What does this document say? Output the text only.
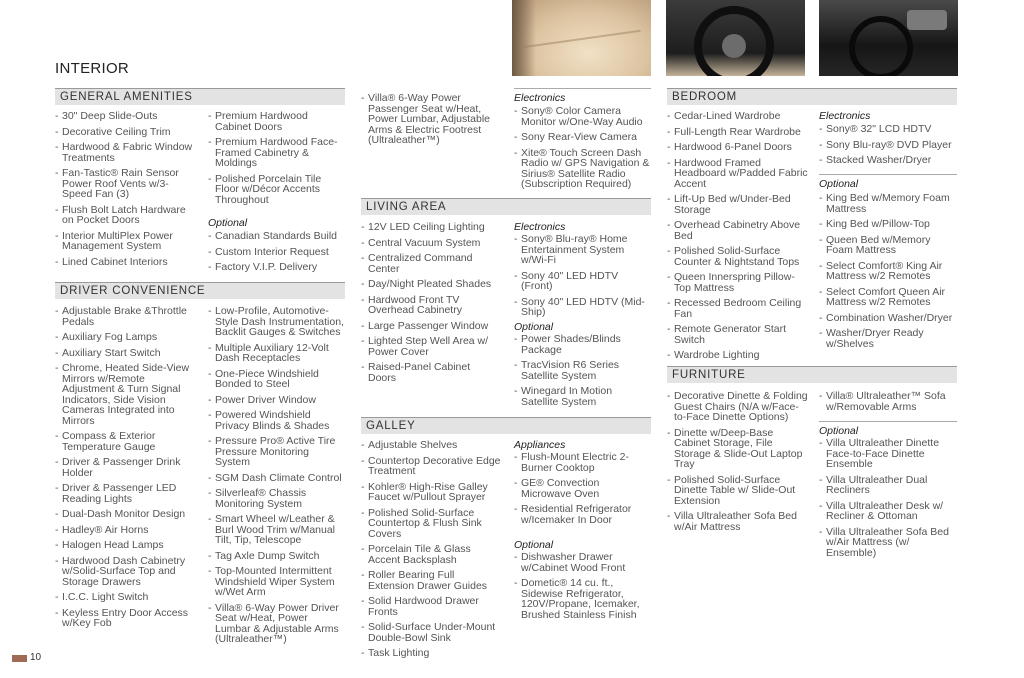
INTERIOR
GENERAL AMENITIES
- 30" Deep Slide-Outs
- Decorative Ceiling Trim
- Hardwood & Fabric Window Treatments
- Fan-Tastic® Rain Sensor Power Roof Vents w/3-Speed Fan (3)
- Flush Bolt Latch Hardware on Pocket Doors
- Interior MultiPlex Power Management System
- Lined Cabinet Interiors
- Premium Hardwood Cabinet Doors
- Premium Hardwood Face-Framed Cabinetry & Moldings
- Polished Porcelain Tile Floor w/Décor Accents Throughout
Optional
- Canadian Standards Build
- Custom Interior Request
- Factory V.I.P. Delivery
- Villa® 6-Way Power Passenger Seat w/Heat, Power Lumbar, Adjustable Arms & Electric Footrest (Ultraleather™)
DRIVER CONVENIENCE
- Adjustable Brake &Throttle Pedals
- Auxiliary Fog Lamps
- Auxiliary Start Switch
- Chrome, Heated Side-View Mirrors w/Remote Adjustment & Turn Signal Indicators, Side Vision Cameras Integrated into Mirrors
- Compass & Exterior Temperature Gauge
- Driver & Passenger Drink Holder
- Driver & Passenger LED Reading Lights
- Dual-Dash Monitor Design
- Hadley® Air Horns
- Halogen Head Lamps
- Hardwood Dash Cabinetry w/Solid-Surface Top and Storage Drawers
- I.C.C. Light Switch
- Keyless Entry Door Access w/Key Fob
- Low-Profile, Automotive-Style Dash Instrumentation, Backlit Gauges & Switches
- Multiple Auxiliary 12-Volt Dash Receptacles
- One-Piece Windshield Bonded to Steel
- Power Driver Window
- Powered Windshield Privacy Blinds & Shades
- Pressure Pro® Active Tire Pressure Monitoring System
- SGM Dash Climate Control
- Silverleaf® Chassis Monitoring System
- Smart Wheel w/Leather & Burl Wood Trim w/Manual Tilt, Tip, Telescope
- Tag Axle Dump Switch
- Top-Mounted Intermittent Windshield Wiper System w/Wet Arm
- Villa® 6-Way Power Driver Seat w/Heat, Power Lumbar & Adjustable Arms (Ultraleather™)
Electronics
- Sony® Color Camera Monitor w/One-Way Audio
- Sony Rear-View Camera
- Xite® Touch Screen Dash Radio w/ GPS Navigation & Sirius® Satellite Radio (Subscription Required)
LIVING AREA
- 12V LED Ceiling Lighting
- Central Vacuum System
- Centralized Command Center
- Day/Night Pleated Shades
- Hardwood Front TV Overhead Cabinetry
- Large Passenger Window
- Lighted Step Well Area w/ Power Cover
- Raised-Panel Cabinet Doors
Electronics
- Sony® Blu-ray® Home Entertainment System w/Wi-Fi
- Sony 40" LED HDTV (Front)
- Sony 40" LED HDTV (Mid-Ship)
Optional
- Power Shades/Blinds Package
- TracVision R6 Series Satellite System
- Winegard In Motion Satellite System
GALLEY
- Adjustable Shelves
- Countertop Decorative Edge Treatment
- Kohler® High-Rise Galley Faucet w/Pullout Sprayer
- Polished Solid-Surface Countertop & Flush Sink Covers
- Porcelain Tile & Glass Accent Backsplash
- Roller Bearing Full Extension Drawer Guides
- Solid Hardwood Drawer Fronts
- Solid-Surface Under-Mount Double-Bowl Sink
- Task Lighting
Appliances
- Flush-Mount Electric 2-Burner Cooktop
- GE® Convection Microwave Oven
- Residential Refrigerator w/Icemaker In Door
Optional
- Dishwasher Drawer w/Cabinet Wood Front
- Dometic® 14 cu. ft., Sidewise Refrigerator, 120V/Propane, Icemaker, Brushed Stainless Finish
BEDROOM
- Cedar-Lined Wardrobe
- Full-Length Rear Wardrobe
- Hardwood 6-Panel Doors
- Hardwood Framed Headboard w/Padded Fabric Accent
- Lift-Up Bed w/Under-Bed Storage
- Overhead Cabinetry Above Bed
- Polished Solid-Surface Counter & Nightstand Tops
- Queen Innerspring Pillow-Top Mattress
- Recessed Bedroom Ceiling Fan
- Remote Generator Start Switch
- Wardrobe Lighting
Electronics
- Sony® 32" LCD HDTV
- Sony Blu-ray® DVD Player
- Stacked Washer/Dryer
Optional
- King Bed w/Memory Foam Mattress
- King Bed w/Pillow-Top
- Queen Bed w/Memory Foam Mattress
- Select Comfort® King Air Mattress w/2 Remotes
- Select Comfort Queen Air Mattress w/2 Remotes
- Combination Washer/Dryer
- Washer/Dryer Ready w/Shelves
FURNITURE
- Decorative Dinette & Folding Guest Chairs (N/A w/Face-to-Face Dinette Options)
- Dinette w/Deep-Base Cabinet Storage, File Storage & Slide-Out Laptop Tray
- Polished Solid-Surface Dinette Table w/ Slide-Out Extension
- Villa Ultraleather Sofa Bed w/Air Mattress
- Villa® Ultraleather™ Sofa w/Removable Arms
Optional
- Villa Ultraleather Dinette Face-to-Face Dinette Ensemble
- Villa Ultraleather Dual Recliners
- Villa Ultraleather Desk w/ Recliner & Ottoman
- Villa Ultraleather Sofa Bed w/Air Mattress (w/ Ensemble)
10
